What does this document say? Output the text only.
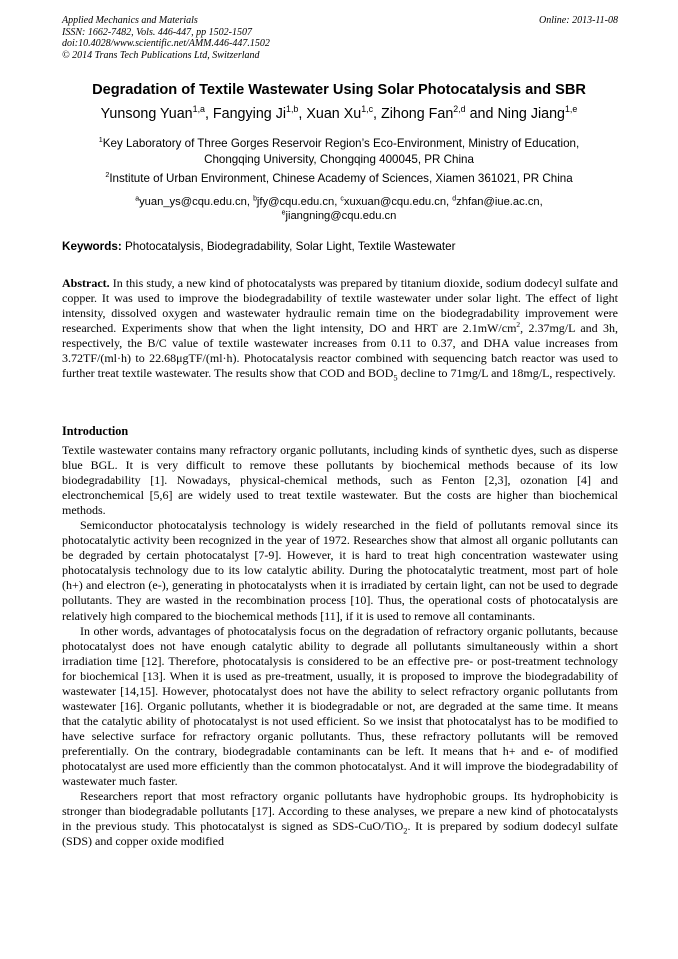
Applied Mechanics and Materials
ISSN: 1662-7482, Vols. 446-447, pp 1502-1507
doi:10.4028/www.scientific.net/AMM.446-447.1502
© 2014 Trans Tech Publications Ltd, Switzerland
Online: 2013-11-08
Degradation of Textile Wastewater Using Solar Photocatalysis and SBR
Yunsong Yuan$^{1,a}$, Fangying Ji$^{1,b}$, Xuan Xu$^{1,c}$, Zihong Fan$^{2,d}$ and Ning Jiang$^{1,e}$
$^1$Key Laboratory of Three Gorges Reservoir Region’s Eco-Environment, Ministry of Education,
Chongqing University, Chongqing 400045, PR China
$^2$Institute of Urban Environment, Chinese Academy of Sciences, Xiamen 361021, PR China
$^a$yuan_ys@cqu.edu.cn, $^b$jfy@cqu.edu.cn, $^c$xuxuan@cqu.edu.cn, $^d$zhfan@iue.ac.cn,
$^e$jiangning@cqu.edu.cn
Keywords: Photocatalysis, Biodegradability, Solar Light, Textile Wastewater
Abstract. In this study, a new kind of photocatalysts was prepared by titanium dioxide, sodium dodecyl sulfate and copper. It was used to improve the biodegradability of textile wastewater under solar light. The effect of light intensity, dissolved oxygen and wastewater hydraulic remain time on the biodegradability improvement were researched. Experiments show that when the light intensity, DO and HRT are $2.1mW/cm^2$, 2.37mg/L and 3h, respectively, the B/C value of textile wastewater increases from 0.11 to 0.37, and DHA value increases from 3.72TF/(ml·h) to 22.68μgTF/(ml·h). Photocatalysis reactor combined with sequencing batch reactor was used to further treat textile wastewater. The results show that COD and $BOD_5$ decline to 71mg/L and 18mg/L, respectively.
Introduction

Textile wastewater contains many refractory organic pollutants, including kinds of synthetic dyes, such as disperse blue BGL. It is very difficult to remove these pollutants by biochemical methods because of its low biodegradability [1]. Nowadays, physical-chemical methods, such as Fenton [2,3], ozonation [4] and electronchemical [5,6] are widely used to treat textile wastewater. But the costs are higher than biochemical methods.

Semiconductor photocatalysis technology is widely researched in the field of pollutants removal since its photocatalytic activity been recognized in the year of 1972. Researches show that almost all organic pollutants can be degraded by certain photocatalyst [7-9]. However, it is hard to treat high concentration wastewater using photocatalysis technology due to its low catalytic ability. During the photocatalytic treatment, most part of hole (h+) and electron (e-), generating in photocatalysts when it is irradiated by certain light, can not be used to degrade pollutants. They are wasted in the recombination process [10]. Thus, the operational costs of photocatalysis are relatively high compared to the biochemical methods [11], if it is used to remove all contaminants.

In other words, advantages of photocatalysis focus on the degradation of refractory organic pollutants, because photocatalyst does not have enough catalytic ability to degrade all pollutants simultaneously within a short irradiation time [12]. Therefore, photocatalysis is considered to be an effective pre- or post-treatment technology for biochemical [13]. When it is used as pre-treatment, usually, it is proposed to improve the biodegradability of wastewater [14,15]. However, photocatalyst does not have the ability to select refractory organic pollutants from wastewater [16]. Organic pollutants, whether it is biodegradable or not, are degraded at the same time. It means that the catalytic ability of photocatalyst is not used efficient. So we insist that photocatalyst has to be modified to have selective surface for refractory organic pollutants. Thus, these refractory pollutants will be removed preferentially. On the contrary, biodegradable contaminants can be left. It means that h+ and e- of modified photocatalyst are used more efficiently than the common photocatalyst. And it will improve the biodegradability of wastewater much faster.

Researchers report that most refractory organic pollutants have hydrophobic groups. Its hydrophobicity is stronger than biodegradable pollutants [17]. According to these analyses, we prepare a new kind of photocatalysts in the previous study. This photocatalyst is signed as SDS-CuO/TiO$_2$. It is prepared by sodium dodecyl sulfate (SDS) and copper oxide modified
